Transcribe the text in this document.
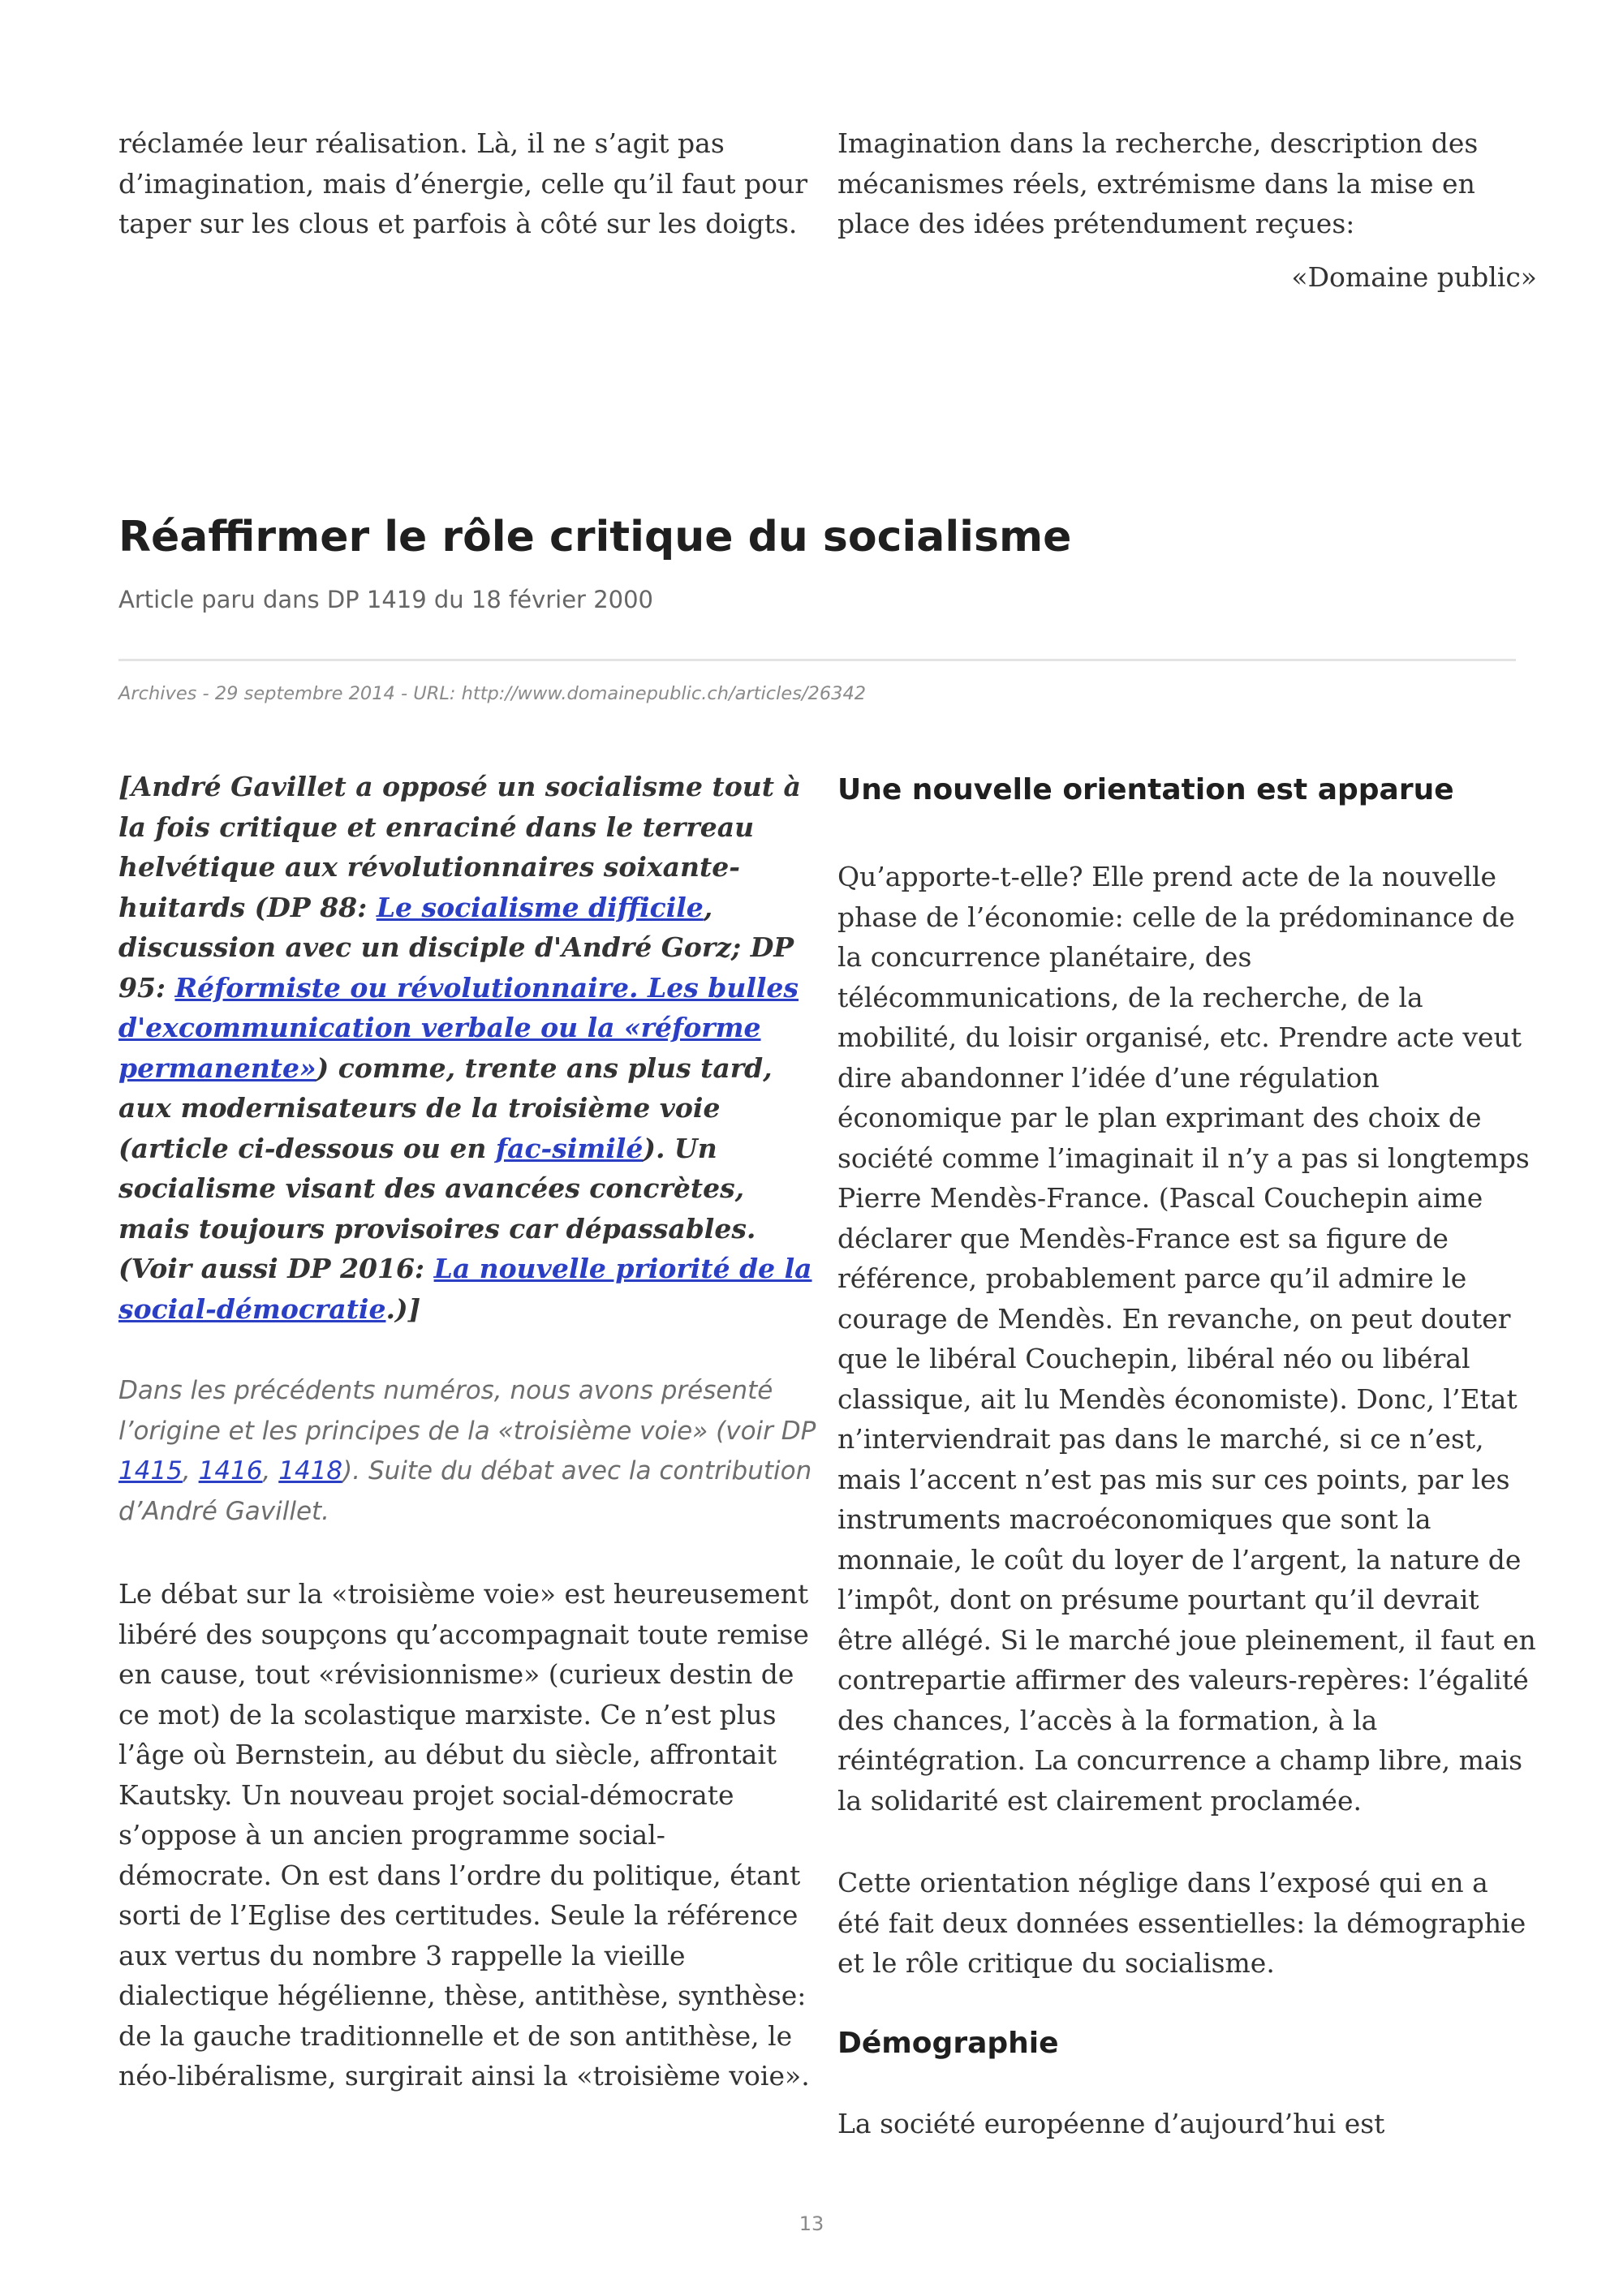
réclamée leur réalisation. Là, il ne s’agit pas d’imagination, mais d’énergie, celle qu’il faut pour taper sur les clous et parfois à côté sur les doigts.

Imagination dans la recherche, description des mécanismes réels, extrémisme dans la mise en place des idées prétendument reçues:

«Domaine public»

Réaffirmer le rôle critique du socialisme

Article paru dans DP 1419 du 18 février 2000

Archives - 29 septembre 2014 - URL: http://www.domainepublic.ch/articles/26342

[André Gavillet a opposé un socialisme tout à la fois critique et enraciné dans le terreau helvétique aux révolutionnaires soixante-huitards (DP 88: Le socialisme difficile, discussion avec un disciple d'André Gorz; DP 95: Réformiste ou révolutionnaire. Les bulles d'excommunication verbale ou la «réforme permanente») comme, trente ans plus tard, aux modernisateurs de la troisième voie (article ci-dessous ou en fac-similé). Un socialisme visant des avancées concrètes, mais toujours provisoires car dépassables. (Voir aussi DP 2016: La nouvelle priorité de la social-démocratie.)]

Dans les précédents numéros, nous avons présenté l’origine et les principes de la «troisième voie» (voir DP 1415, 1416, 1418). Suite du débat avec la contribution d’André Gavillet.

Le débat sur la «troisième voie» est heureusement libéré des soupçons qu’accompagnait toute remise en cause, tout «révisionnisme» (curieux destin de ce mot) de la scolastique marxiste. Ce n’est plus l’âge où Bernstein, au début du siècle, affrontait Kautsky. Un nouveau projet social-démocrate s’oppose à un ancien programme social-démocrate. On est dans l’ordre du politique, étant sorti de l’Eglise des certitudes. Seule la référence aux vertus du nombre 3 rappelle la vieille dialectique hégélienne, thèse, antithèse, synthèse: de la gauche traditionnelle et de son antithèse, le néo-libéralisme, surgirait ainsi la «troisième voie».

Une nouvelle orientation est apparue

Qu’apporte-t-elle? Elle prend acte de la nouvelle phase de l’économie: celle de la prédominance de la concurrence planétaire, des télécommunications, de la recherche, de la mobilité, du loisir organisé, etc. Prendre acte veut dire abandonner l’idée d’une régulation économique par le plan exprimant des choix de société comme l’imaginait il n’y a pas si longtemps Pierre Mendès-France. (Pascal Couchepin aime déclarer que Mendès-France est sa figure de référence, probablement parce qu’il admire le courage de Mendès. En revanche, on peut douter que le libéral Couchepin, libéral néo ou libéral classique, ait lu Mendès économiste). Donc, l’Etat n’interviendrait pas dans le marché, si ce n’est, mais l’accent n’est pas mis sur ces points, par les instruments macroéconomiques que sont la monnaie, le coût du loyer de l’argent, la nature de l’impôt, dont on présume pourtant qu’il devrait être allégé. Si le marché joue pleinement, il faut en contrepartie affirmer des valeurs-repères: l’égalité des chances, l’accès à la formation, à la réintégration. La concurrence a champ libre, mais la solidarité est clairement proclamée.

Cette orientation néglige dans l’exposé qui en a été fait deux données essentielles: la démographie et le rôle critique du socialisme.

Démographie

La société européenne d’aujourd’hui est

13
